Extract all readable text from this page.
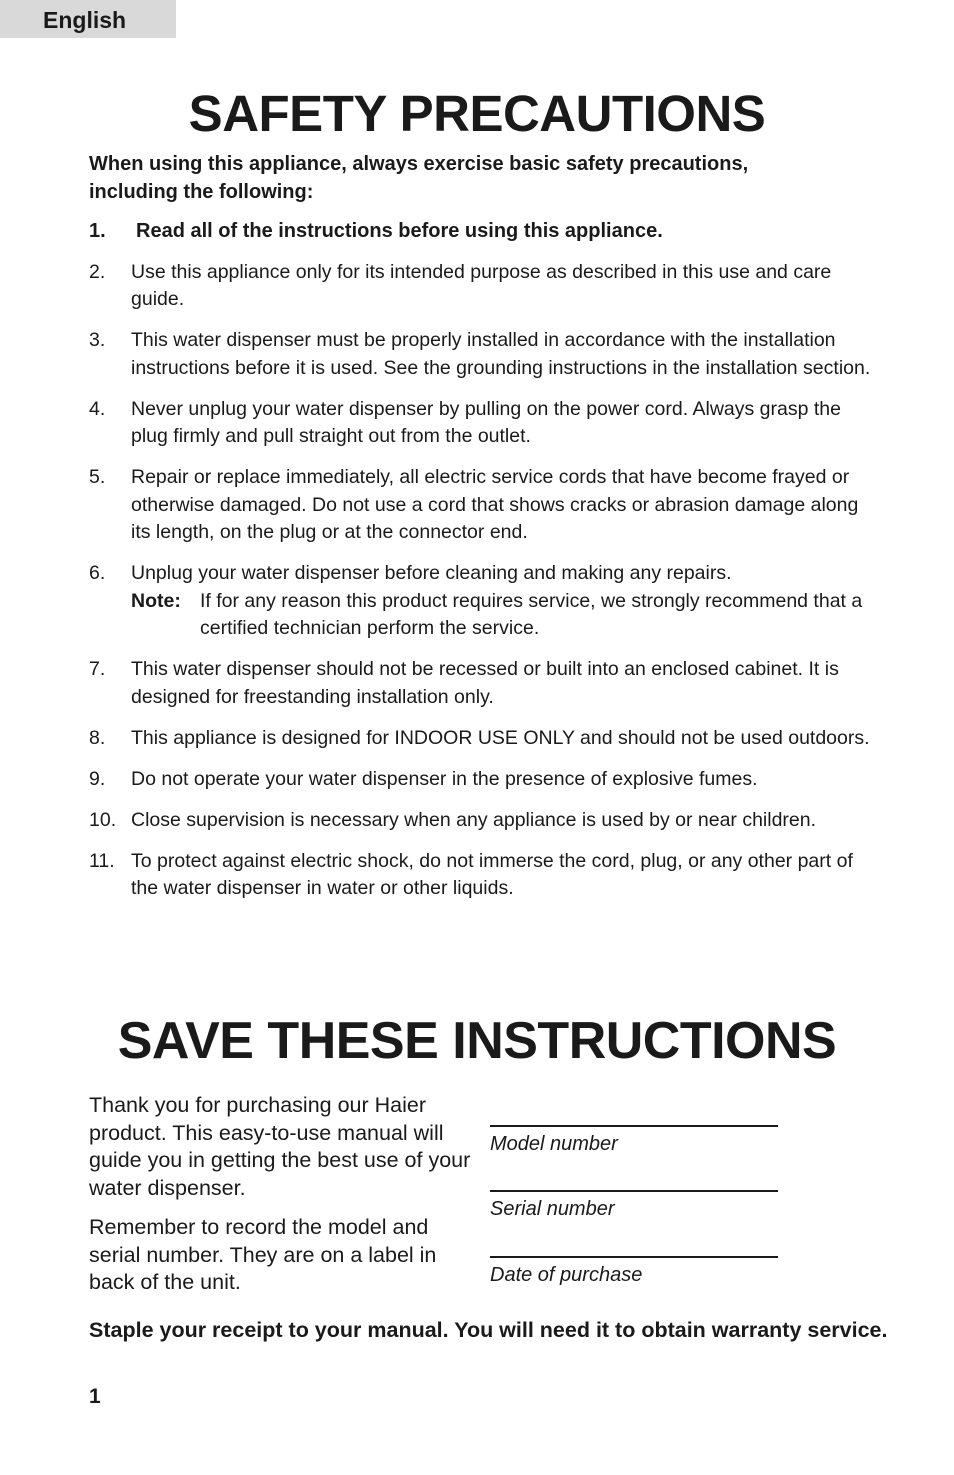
English
SAFETY PRECAUTIONS
When using this appliance, always exercise basic safety precautions, including the following:
1. Read all of the instructions before using this appliance.
2. Use this appliance only for its intended purpose as described in this use and care guide.
3. This water dispenser must be properly installed in accordance with the installation instructions before it is used. See the grounding instructions in the installation section.
4. Never unplug your water dispenser by pulling on the power cord. Always grasp the plug firmly and pull straight out from the outlet.
5. Repair or replace immediately, all electric service cords that have become frayed or otherwise damaged. Do not use a cord that shows cracks or abrasion damage along its length, on the plug or at the connector end.
6. Unplug your water dispenser before cleaning and making any repairs.
Note: If for any reason this product requires service, we strongly recommend that a certified technician perform the service.
7. This water dispenser should not be recessed or built into an enclosed cabinet. It is designed for freestanding installation only.
8. This appliance is designed for INDOOR USE ONLY and should not be used outdoors.
9. Do not operate your water dispenser in the presence of explosive fumes.
10. Close supervision is necessary when any appliance is used by or near children.
11. To protect against electric shock, do not immerse the cord, plug, or any other part of the water dispenser in water or other liquids.
SAVE THESE INSTRUCTIONS

Thank you for purchasing our Haier product. This easy-to-use manual will guide you in getting the best use of your water dispenser.

Remember to record the model and serial number. They are on a label in back of the unit.

Model number
Serial number
Date of purchase
Staple your receipt to your manual. You will need it to obtain warranty service.
1
